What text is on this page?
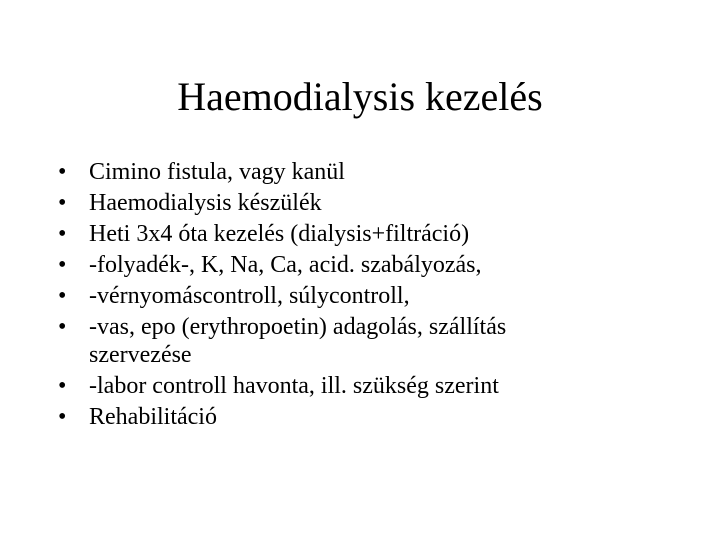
Haemodialysis kezelés
• Cimino fistula, vagy kanül
• Haemodialysis készülék
• Heti 3x4 óta kezelés (dialysis+filtráció)
• -folyadék-, K, Na, Ca, acid. szabályozás,
• -vérnyomáscontroll, súlycontroll,
• -vas, epo (erythropoetin) adagolás, szállítás
szervezése
• -labor controll havonta, ill. szükség szerint
• Rehabilitáció
